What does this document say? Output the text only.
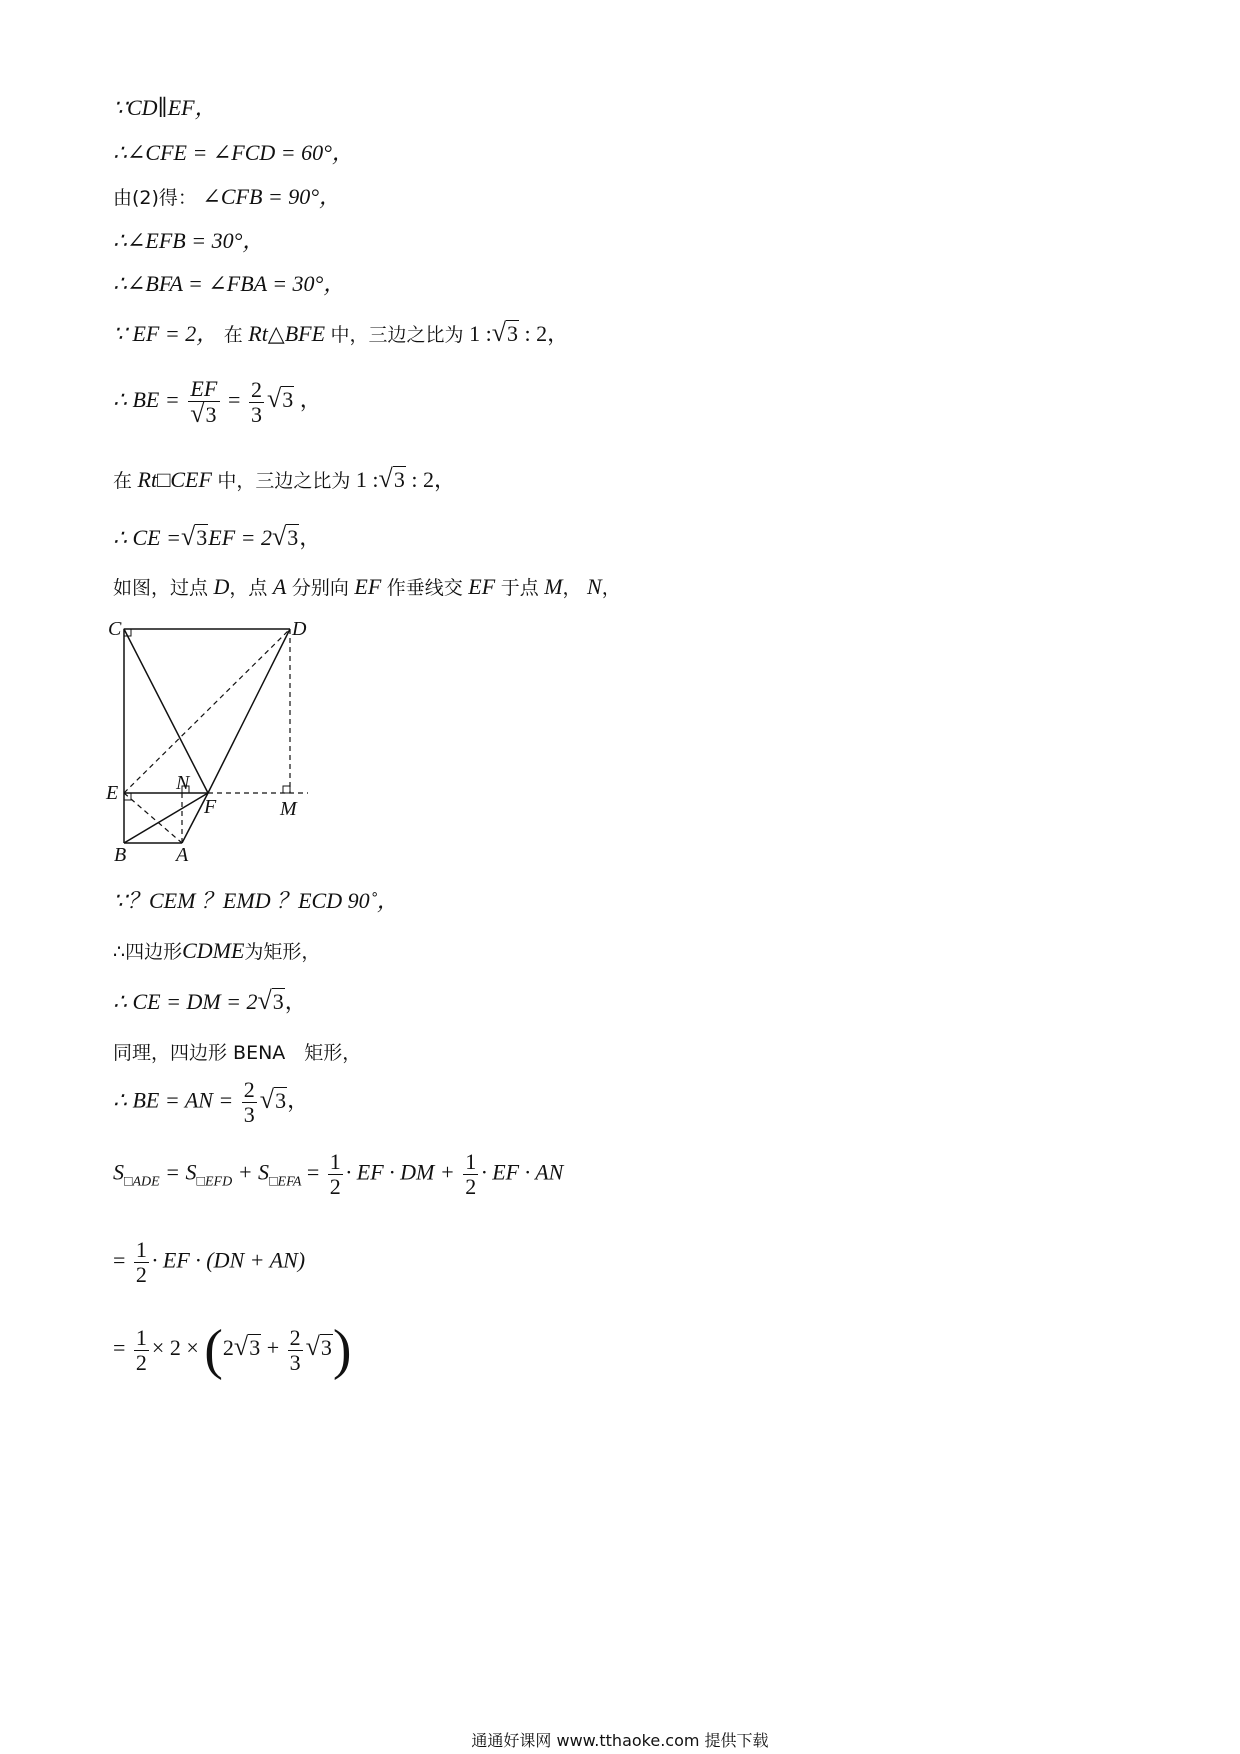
∵CD∥EF，
∴∠CFE = ∠FCD = 60°，
由(2)得： ∠CFB = 90°，
∴∠EFB = 30°，
∴∠BFA = ∠FBA = 30°，
∵ EF = 2， 在 Rt△BFE 中，三边之比为 1 :√3 : 2，
∴ BE = $\frac{EF}{√3} = \frac{2}{3} √3$ ，
在 Rt□CEF 中，三边之比为 1 :√3 : 2，
∴ CE =√3EF = 2√3，
如图，过点 D，点 A 分别向 EF 作垂线交 EF 于点 M， N，
C	D
E	N
F	M
B A
∵？CEM ？EMD ？ECD 90˚，
∴四边形CDME为矩形，
∴ CE = DM = 2√3，
同理，四边形 BENA　矩形，
∴ BE = AN = $\frac{2}{3} √3$，
$S_{□ADE} = S_{□EFD} + S_{□EFA} = \frac{1}{2}$ · EF · DM + $\frac{1}{2}$ · EF · AN
= $\frac{1}{2}$ · EF · (DN + AN)
= $\frac{1}{2} \times 2 \times (2√3 + \frac{2}{3} √3)$
通通好课网 www.tthaoke.com 提供下载
